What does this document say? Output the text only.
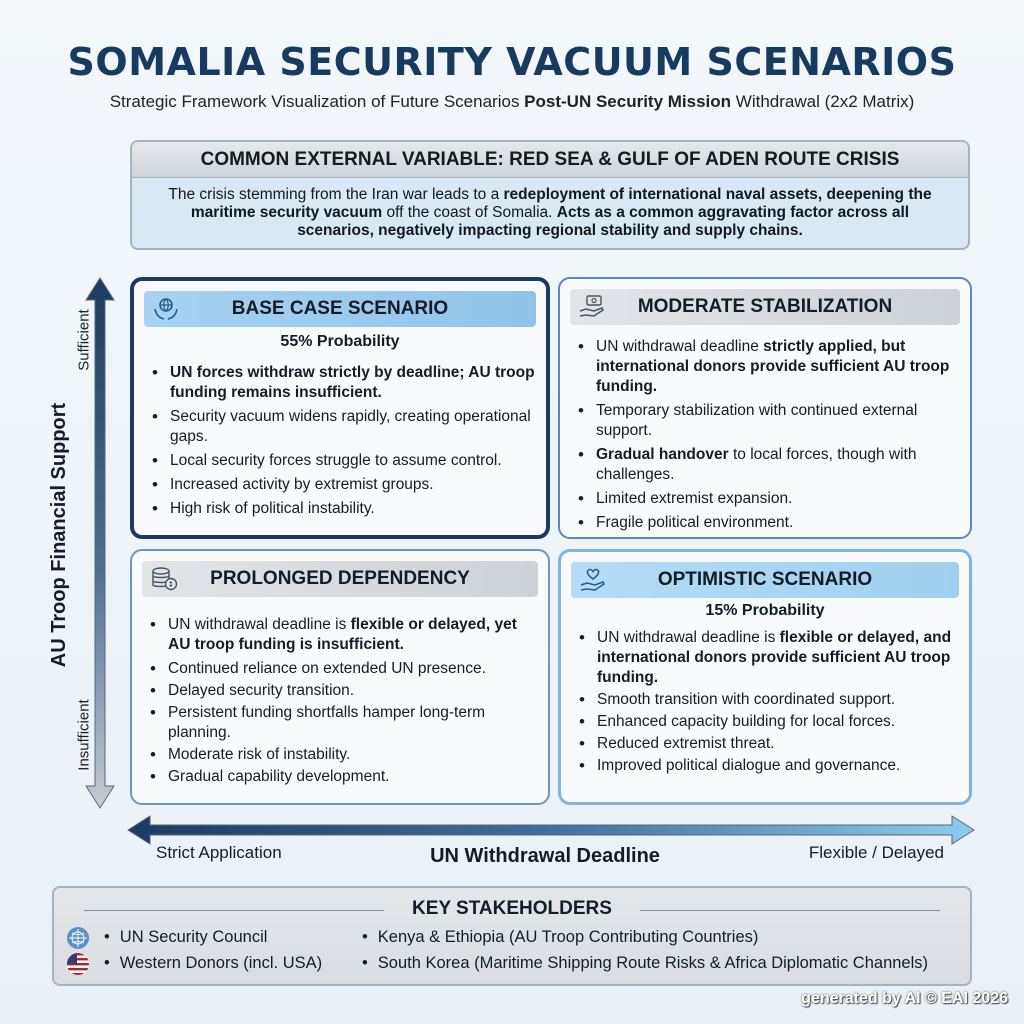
SOMALIA SECURITY VACUUM SCENARIOS
Strategic Framework Visualization of Future Scenarios Post-UN Security Mission Withdrawal (2x2 Matrix)
COMMON EXTERNAL VARIABLE: RED SEA & GULF OF ADEN ROUTE CRISIS
The crisis stemming from the Iran war leads to a redeployment of international naval assets, deepening the maritime security vacuum off the coast of Somalia. Acts as a common aggravating factor across all scenarios, negatively impacting regional stability and supply chains.
AU Troop Financial Support
Sufficient
Insufficient
BASE CASE SCENARIO
55% Probability
• UN forces withdraw strictly by deadline; AU troop funding remains insufficient.
• Security vacuum widens rapidly, creating operational gaps.
• Local security forces struggle to assume control.
• Increased activity by extremist groups.
• High risk of political instability.
MODERATE STABILIZATION
• UN withdrawal deadline strictly applied, but international donors provide sufficient AU troop funding.
• Temporary stabilization with continued external support.
• Gradual handover to local forces, though with challenges.
• Limited extremist expansion.
• Fragile political environment.
PROLONGED DEPENDENCY
• UN withdrawal deadline is flexible or delayed, yet AU troop funding is insufficient.
• Continued reliance on extended UN presence.
• Delayed security transition.
• Persistent funding shortfalls hamper long-term planning.
• Moderate risk of instability.
• Gradual capability development.
OPTIMISTIC SCENARIO
15% Probability
• UN withdrawal deadline is flexible or delayed, and international donors provide sufficient AU troop funding.
• Smooth transition with coordinated support.
• Enhanced capacity building for local forces.
• Reduced extremist threat.
• Improved political dialogue and governance.
Strict Application	UN Withdrawal Deadline	Flexible / Delayed
KEY STAKEHOLDERS
• UN Security Council
• Western Donors (incl. USA)
• Kenya & Ethiopia (AU Troop Contributing Countries)
• South Korea (Maritime Shipping Route Risks & Africa Diplomatic Channels)
generated by AI © EAI 2026
